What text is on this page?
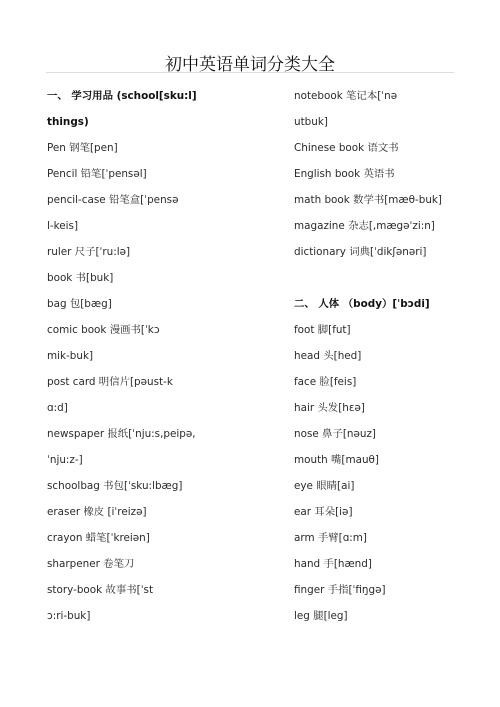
初中英语单词分类大全
一、 学习用品 (school[sku:l]
things)
Pen 钢笔[pen]
Pencil 铅笔[ˈpensəl]
pencil-case 铅笔盒[ˈpensə
l-keis]
ruler 尺子[ˈru:lə]
book 书[buk]
bag 包[bæg]
comic book 漫画书[ˈkɔ
mik-buk]
post card 明信片[pəust-k
ɑ:d]
newspaper 报纸[ˈnju:s,peipə,
ˈnju:z-]
schoolbag 书包[ˈsku:lbæg]
eraser 橡皮 [iˈreizə]
crayon 蜡笔[ˈkreiən]
sharpener 卷笔刀
story-book 故事书[ˈst
ɔ:ri-buk]
notebook 笔记本[ˈnə
utbuk]
Chinese book 语文书
English book 英语书
math book 数学书[mæθ-buk]
magazine 杂志[,mægəˈzi:n]
dictionary 词典[ˈdikʃənəri]
二、 人体 （body）[ˈbɔdi]
foot 脚[fut]
head 头[hed]
face 脸[feis]
hair 头发[hɛə]
nose 鼻子[nəuz]
mouth 嘴[mauθ]
eye 眼睛[ai]
ear 耳朵[iə]
arm 手臂[ɑ:m]
hand 手[hænd]
finger 手指[ˈfiŋgə]
leg 腿[leg]
